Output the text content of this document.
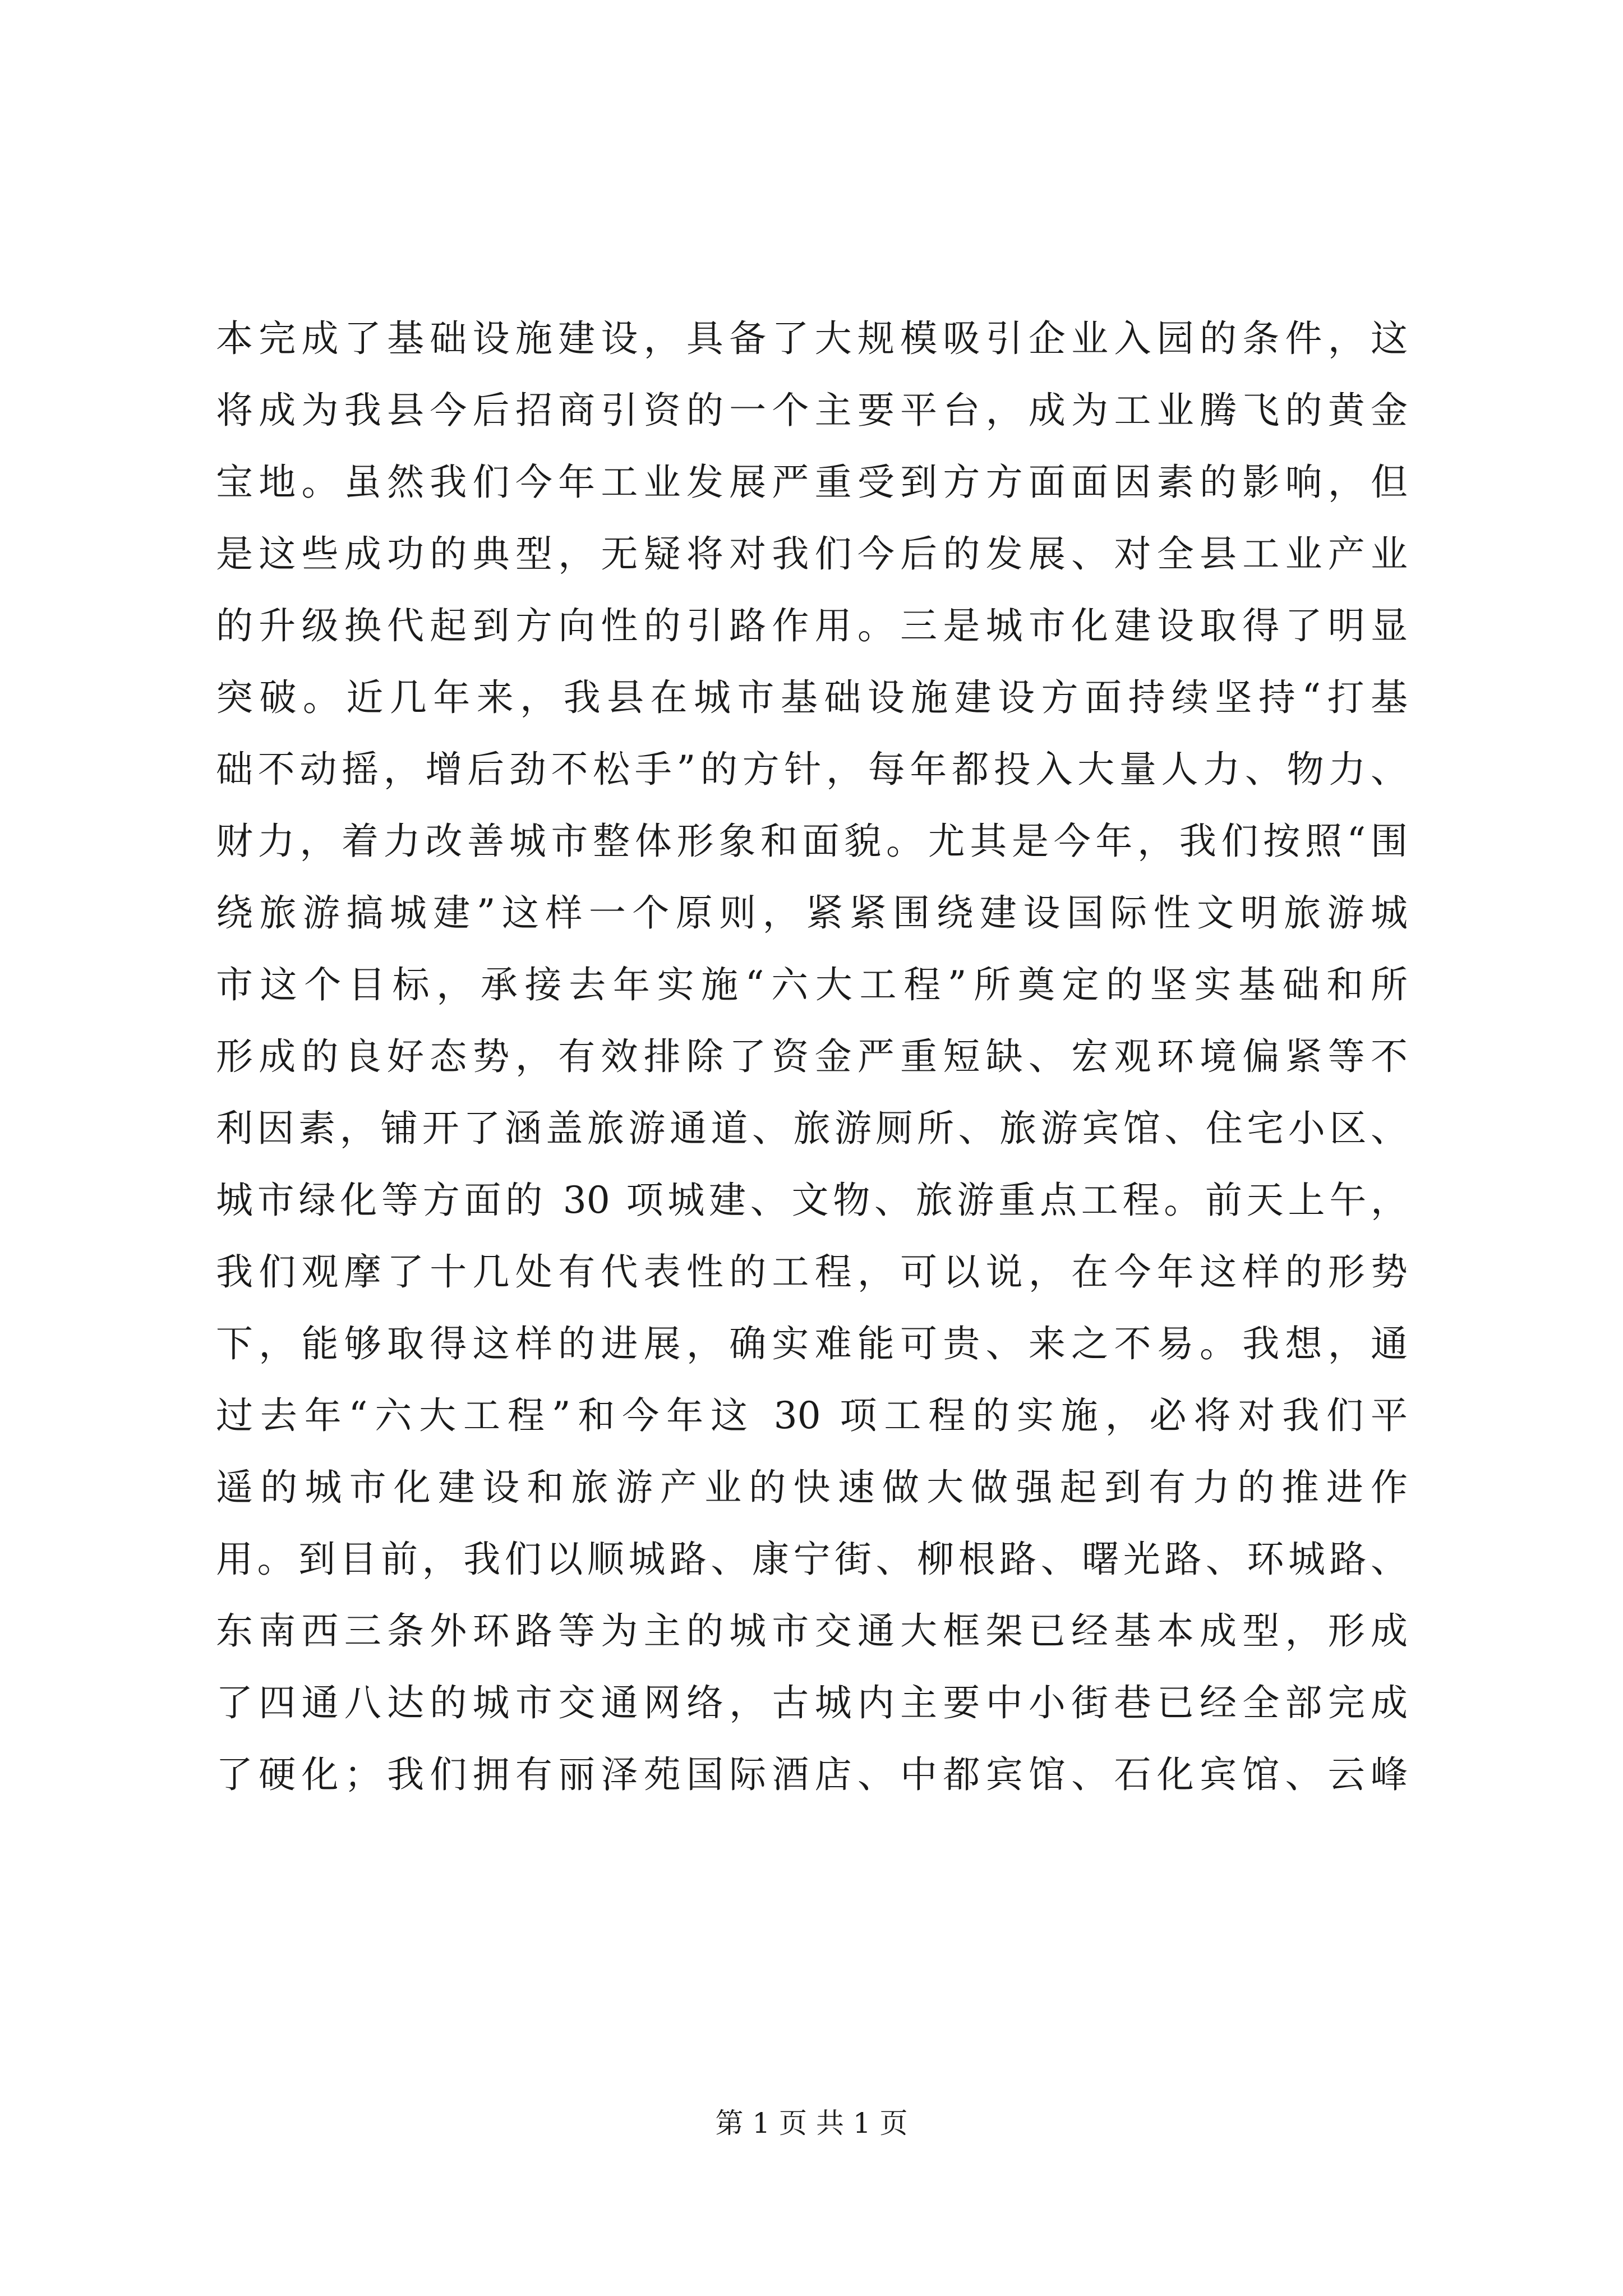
本完成了基础设施建设，具备了大规模吸引企业入园的条件，这
将成为我县今后招商引资的一个主要平台，成为工业腾飞的黄金
宝地。虽然我们今年工业发展严重受到方方面面因素的影响，但
是这些成功的典型，无疑将对我们今后的发展、对全县工业产业
的升级换代起到方向性的引路作用。三是城市化建设取得了明显
突破。近几年来，我县在城市基础设施建设方面持续坚持“打基
础不动摇，增后劲不松手”的方针，每年都投入大量人力、物力、
财力，着力改善城市整体形象和面貌。尤其是今年，我们按照“围
绕旅游搞城建”这样一个原则，紧紧围绕建设国际性文明旅游城
市这个目标，承接去年实施“六大工程”所奠定的坚实基础和所
形成的良好态势，有效排除了资金严重短缺、宏观环境偏紧等不
利因素，铺开了涵盖旅游通道、旅游厕所、旅游宾馆、住宅小区、
城市绿化等方面的 30 项城建、文物、旅游重点工程。前天上午，
我们观摩了十几处有代表性的工程，可以说，在今年这样的形势
下，能够取得这样的进展，确实难能可贵、来之不易。我想，通
过去年“六大工程”和今年这 30 项工程的实施，必将对我们平
遥的城市化建设和旅游产业的快速做大做强起到有力的推进作
用。到目前，我们以顺城路、康宁街、柳根路、曙光路、环城路、
东南西三条外环路等为主的城市交通大框架已经基本成型，形成
了四通八达的城市交通网络，古城内主要中小街巷已经全部完成
了硬化；我们拥有丽泽苑国际酒店、中都宾馆、石化宾馆、云峰
第 1 页 共 1 页
